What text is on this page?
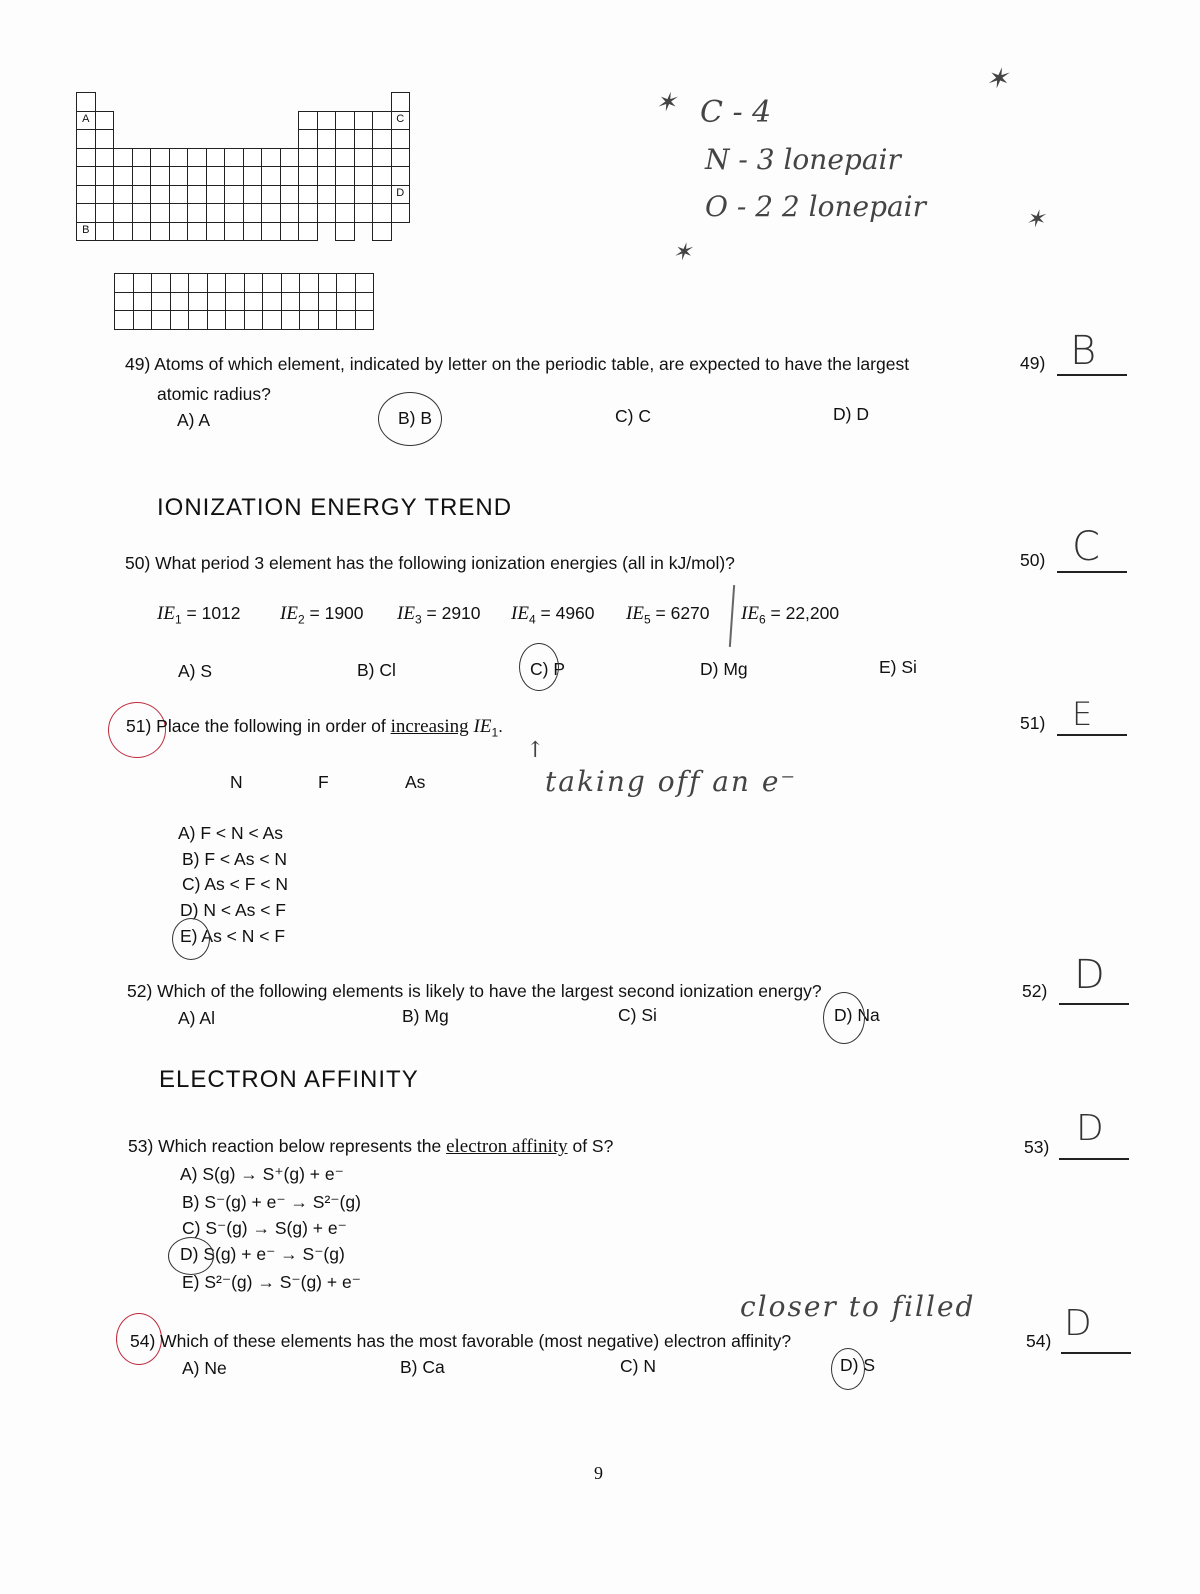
A	C
D
B
✶ C - 4
N - 3 lonepair
O - 2 2 lonepair
✶
✶
✶
49) Atoms of which element, indicated by letter on the periodic table, are expected to have the largest
atomic radius?
A) A	B) B	C) C	D) D
49) B
IONIZATION ENERGY TREND
50) What period 3 element has the following ionization energies (all in kJ/mol)?
$IE_1 = 1012$ $IE_2 = 1900$ $IE_3 = 2910$ $IE_4 = 4960$ $IE_5 = 6270$ $IE_6 = 22,200$
A) S	B) Cl	C) P	D) Mg	E) Si
50) C
51) Place the following in order of increasing $IE_1$.
↑
N	F	As	taking off an e⁻
A) F < N < As
B) F < As < N
C) As < F < N
D) N < As < F
E) As < N < F
51) E
52) Which of the following elements is likely to have the largest second ionization energy?
A) Al	B) Mg	C) Si	D) Na
52) D
ELECTRON AFFINITY
53) Which reaction below represents the electron affinity of S?
A) S(g) → S⁺(g) + e⁻
B) S⁻(g) + e⁻ → S²⁻(g)
C) S⁻(g) → S(g) + e⁻
D) S(g) + e⁻ → S⁻(g)
E) S²⁻(g) → S⁻(g) + e⁻
53) D
closer to filled
54) Which of these elements has the most favorable (most negative) electron affinity?
A) Ne	B) Ca	C) N	D) S
54) D
9
